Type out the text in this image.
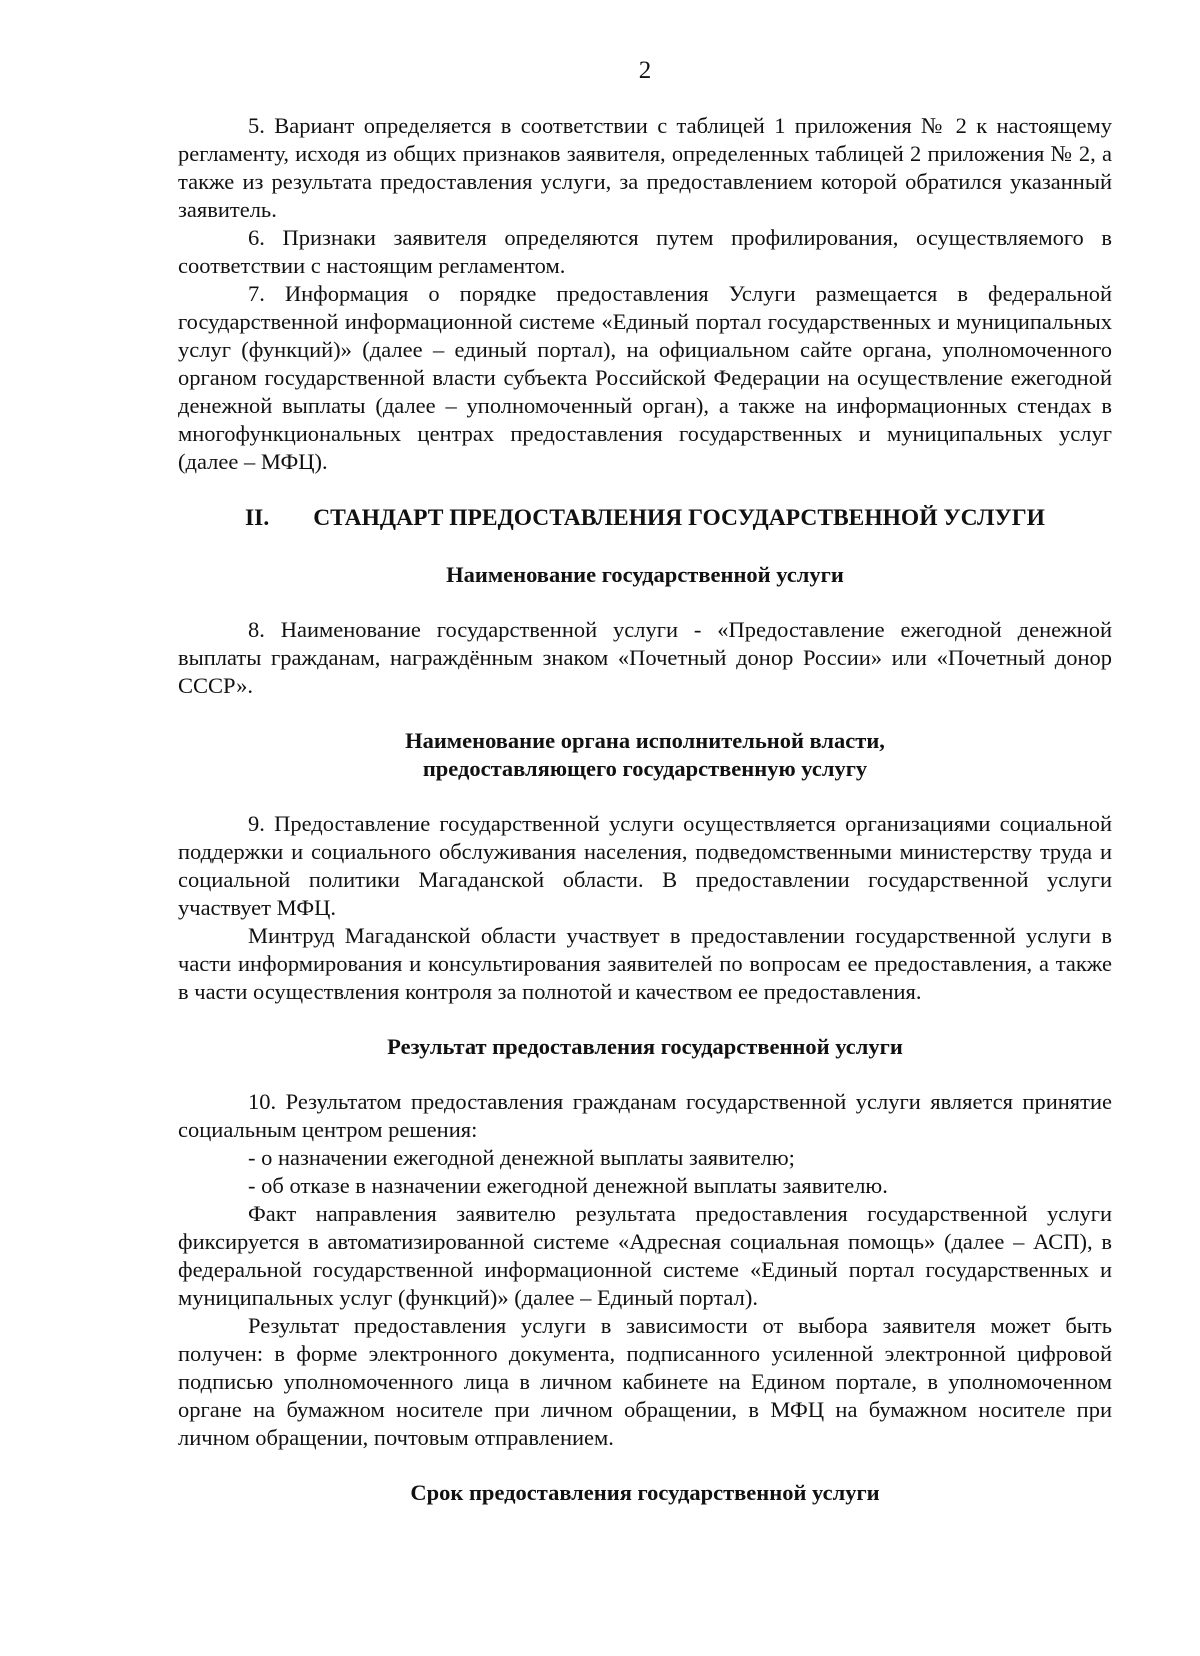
2

5. Вариант определяется в соответствии с таблицей 1 приложения № 2 к настоящему регламенту, исходя из общих признаков заявителя, определенных таблицей 2 приложения № 2, а также из результата предоставления услуги, за предоставлением которой обратился указанный заявитель.

6. Признаки заявителя определяются путем профилирования, осуществляемого в соответствии с настоящим регламентом.

7. Информация о порядке предоставления Услуги размещается в федеральной государственной информационной системе «Единый портал государственных и муниципальных услуг (функций)» (далее – единый портал), на официальном сайте органа, уполномоченного органом государственной власти субъекта Российской Федерации на осуществление ежегодной денежной выплаты (далее – уполномоченный орган), а также на информационных стендах в многофункциональных центрах предоставления государственных и муниципальных услуг (далее – МФЦ).

II. СТАНДАРТ ПРЕДОСТАВЛЕНИЯ ГОСУДАРСТВЕННОЙ УСЛУГИ

Наименование государственной услуги

8. Наименование государственной услуги - «Предоставление ежегодной денежной выплаты гражданам, награждённым знаком «Почетный донор России» или «Почетный донор СССР».

Наименование органа исполнительной власти,

предоставляющего государственную услугу

9. Предоставление государственной услуги осуществляется организациями социальной поддержки и социального обслуживания населения, подведомственными министерству труда и социальной политики Магаданской области. В предоставлении государственной услуги участвует МФЦ.

Минтруд Магаданской области участвует в предоставлении государственной услуги в части информирования и консультирования заявителей по вопросам ее предоставления, а также в части осуществления контроля за полнотой и качеством ее предоставления.

Результат предоставления государственной услуги

10. Результатом предоставления гражданам государственной услуги является принятие социальным центром решения:

- о назначении ежегодной денежной выплаты заявителю;

- об отказе в назначении ежегодной денежной выплаты заявителю.

Факт направления заявителю результата предоставления государственной услуги фиксируется в автоматизированной системе «Адресная социальная помощь» (далее – АСП), в федеральной государственной информационной системе «Единый портал государственных и муниципальных услуг (функций)» (далее – Единый портал).

Результат предоставления услуги в зависимости от выбора заявителя может быть получен: в форме электронного документа, подписанного усиленной электронной цифровой подписью уполномоченного лица в личном кабинете на Едином портале, в уполномоченном органе на бумажном носителе при личном обращении, в МФЦ на бумажном носителе при личном обращении, почтовым отправлением.

Срок предоставления государственной услуги
